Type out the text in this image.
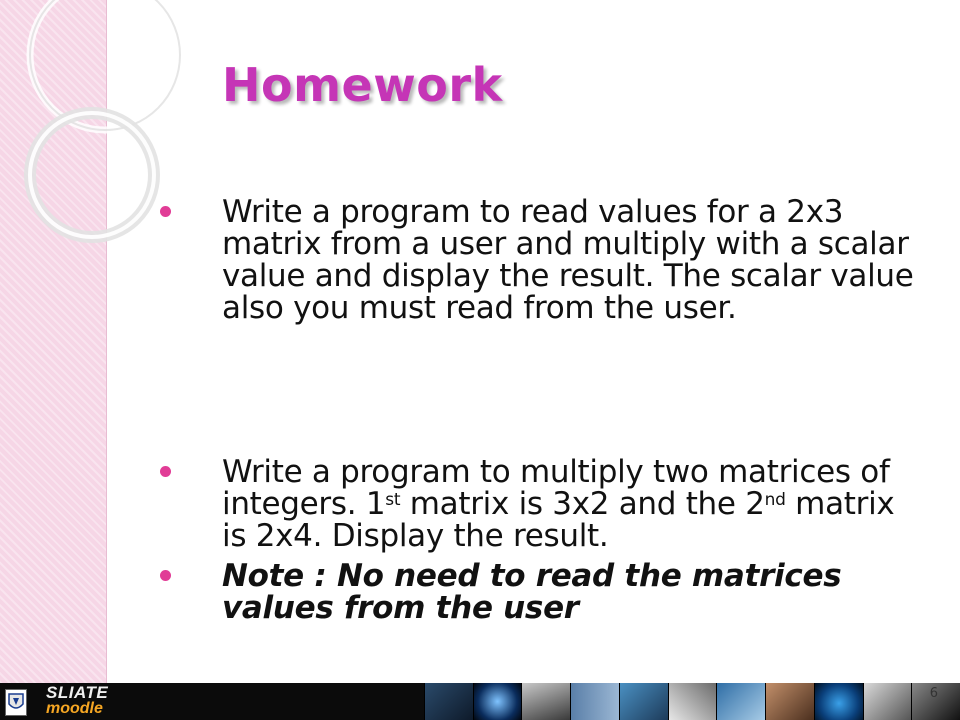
Homework
Write a program to read values for a 2x3 matrix from a user and multiply with a scalar value and display the result. The scalar value also you must read from the user.
Write a program to multiply two matrices of integers. 1st matrix is 3x2 and the 2nd matrix is 2x4. Display the result.
Note : No need to read the matrices values from the user
SLIATE
moodle
6
